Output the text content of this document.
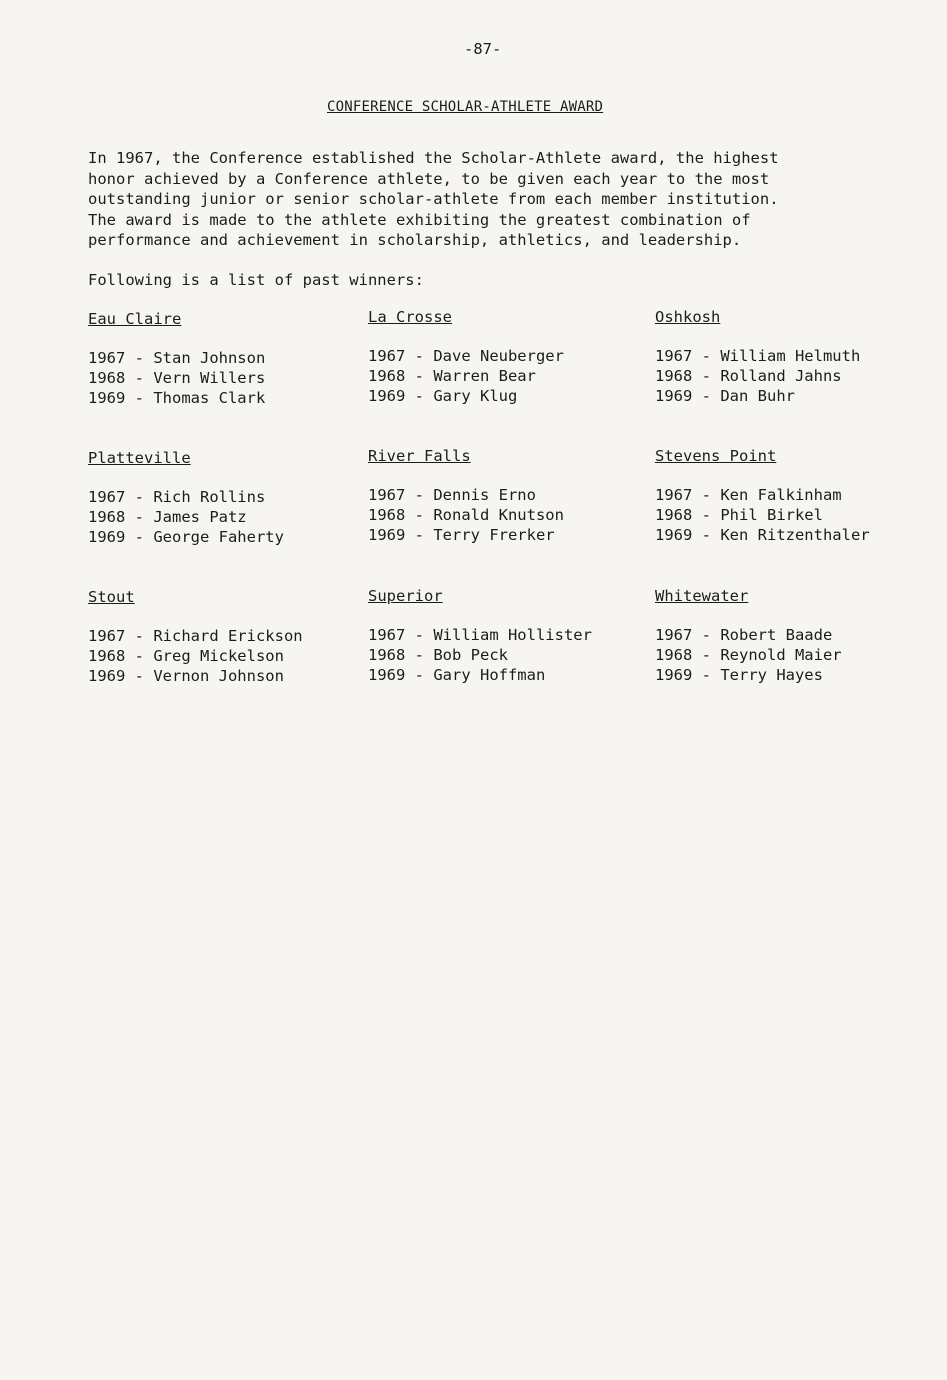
-87-
CONFERENCE SCHOLAR-ATHLETE AWARD

In 1967, the Conference established the Scholar-Athlete award, the highest

honor achieved by a Conference athlete, to be given each year to the most

outstanding junior or senior scholar-athlete from each member institution.

The award is made to the athlete exhibiting the greatest combination of

performance and achievement in scholarship, athletics, and leadership.

Following is a list of past winners:
Eau Claire
1967 - Stan Johnson
1968 - Vern Willers
1969 - Thomas Clark
La Crosse
1967 - Dave Neuberger
1968 - Warren Bear
1969 - Gary Klug
Oshkosh
1967 - William Helmuth
1968 - Rolland Jahns
1969 - Dan Buhr
Platteville
1967 - Rich Rollins
1968 - James Patz
1969 - George Faherty
River Falls
1967 - Dennis Erno
1968 - Ronald Knutson
1969 - Terry Frerker
Stevens Point
1967 - Ken Falkinham
1968 - Phil Birkel
1969 - Ken Ritzenthaler
Stout
1967 - Richard Erickson
1968 - Greg Mickelson
1969 - Vernon Johnson
Superior
1967 - William Hollister
1968 - Bob Peck
1969 - Gary Hoffman
Whitewater
1967 - Robert Baade
1968 - Reynold Maier
1969 - Terry Hayes
